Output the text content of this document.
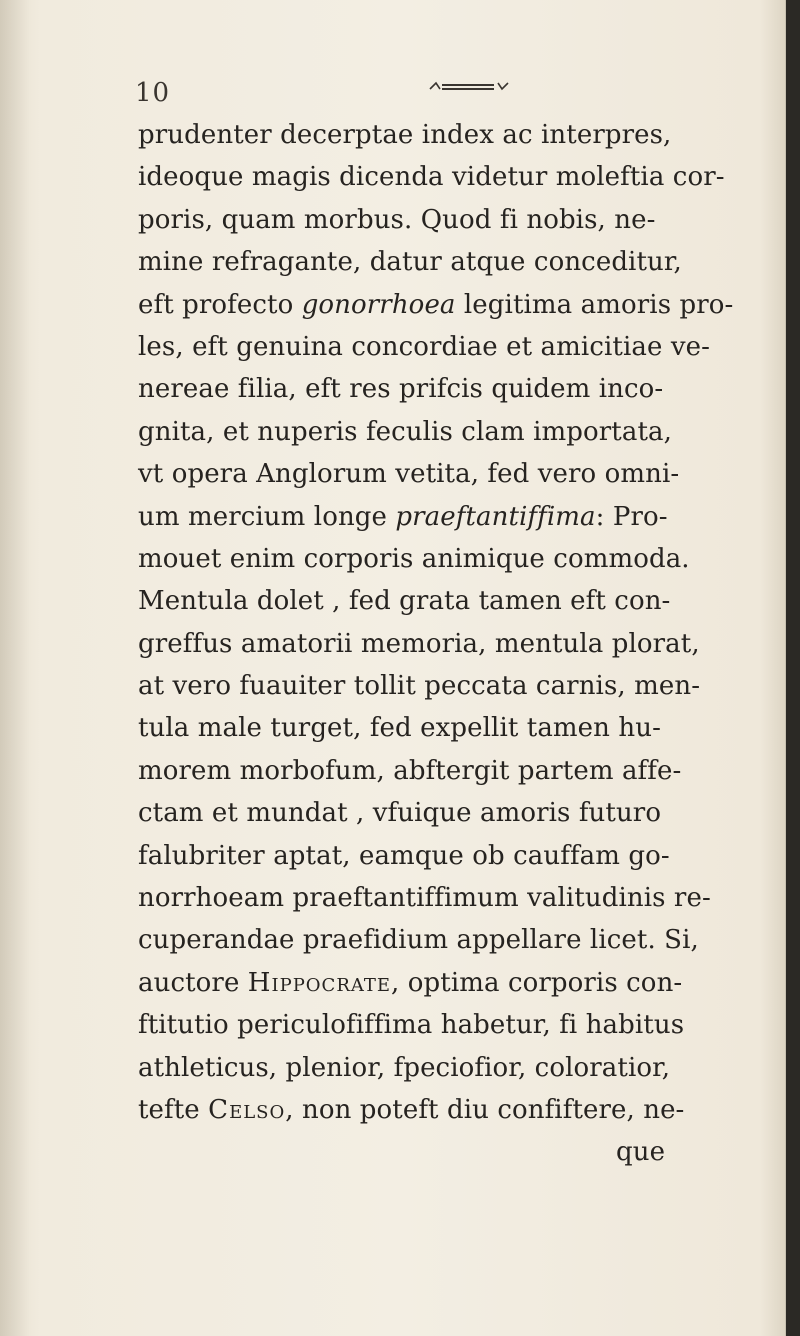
10
prudenter decerptae index ac interpres,
ideoque magis dicenda videtur moleftia cor-
poris, quam morbus. Quod fi nobis, ne-
mine refragante, datur atque conceditur,
eft profecto gonorrhoea legitima amoris pro-
les, eft genuina concordiae et amicitiae ve-
nereae filia, eft res prifcis quidem inco-
gnita, et nuperis feculis clam importata,
vt opera Anglorum vetita, fed vero omni-
um mercium longe praeftantiffima: Pro-
mouet enim corporis animique commoda.
Mentula dolet , fed grata tamen eft con-
greffus amatorii memoria, mentula plorat,
at vero fuauiter tollit peccata carnis, men-
tula male turget, fed expellit tamen hu-
morem morbofum, abftergit partem affe-
ctam et mundat , vfuique amoris futuro
falubriter aptat, eamque ob cauffam go-
norrhoeam praeftantiffimum valitudinis re-
cuperandae praefidium appellare licet. Si,
auctore Hippocrate, optima corporis con-
ftitutio periculofiffima habetur, fi habitus
athleticus, plenior, fpeciofior, coloratior,
tefte Celso, non poteft diu confiftere, ne-
que
